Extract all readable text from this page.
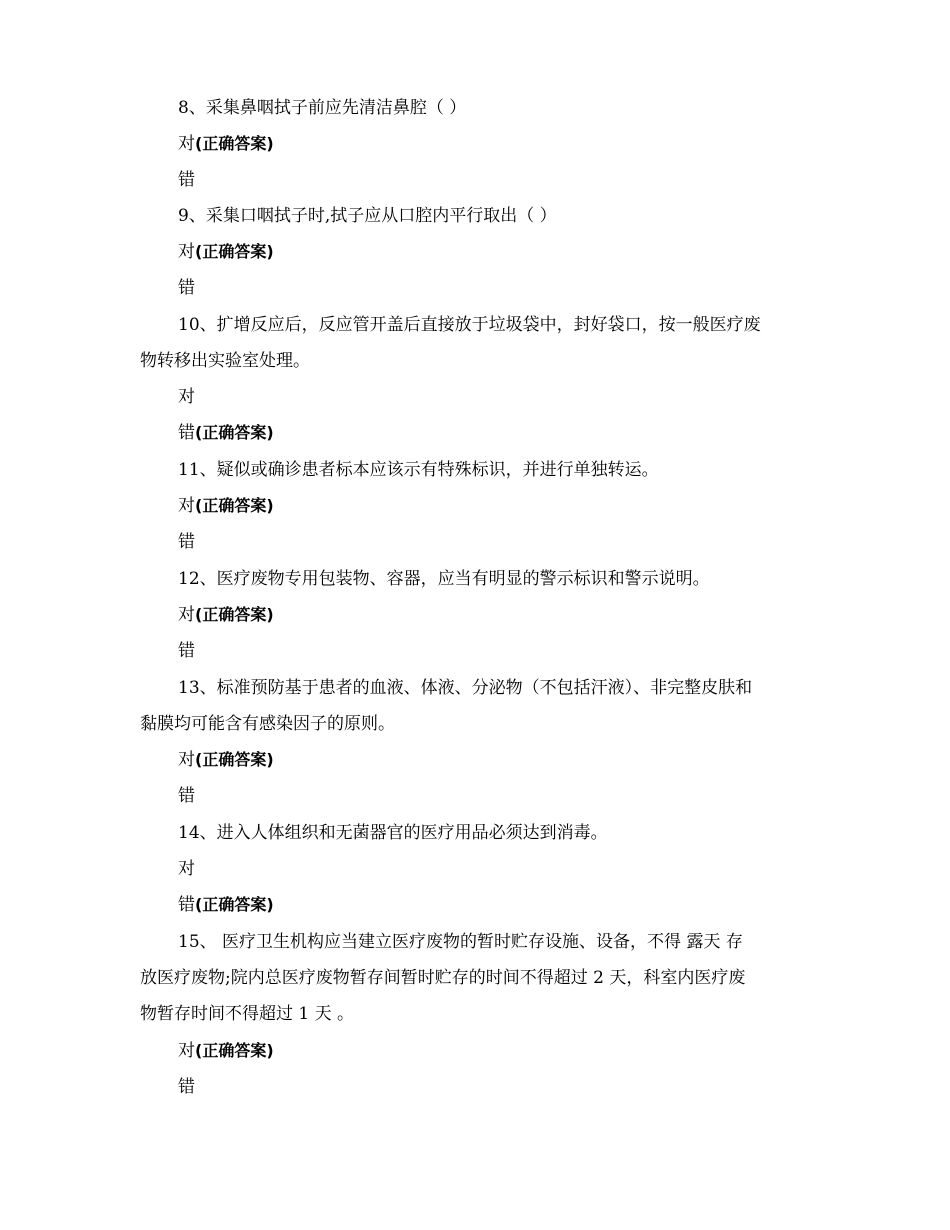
8、采集鼻咽拭子前应先清洁鼻腔（ ）
对(正确答案)
错
9、采集口咽拭子时,拭子应从口腔内平行取出（ ）
对(正确答案)
错
10、扩增反应后，反应管开盖后直接放于垃圾袋中，封好袋口，按一般医疗废
物转移出实验室处理。
对
错(正确答案)
11、疑似或确诊患者标本应该示有特殊标识，并进行单独转运。
对(正确答案)
错
12、医疗废物专用包装物、容器，应当有明显的警示标识和警示说明。
对(正确答案)
错
13、标准预防基于患者的血液、体液、分泌物（不包括汗液）、非完整皮肤和
黏膜均可能含有感染因子的原则。
对(正确答案)
错
14、进入人体组织和无菌器官的医疗用品必须达到消毒。
对
错(正确答案)
15、 医疗卫生机构应当建立医疗废物的暂时贮存设施、设备，不得 露天 存
放医疗废物;院内总医疗废物暂存间暂时贮存的时间不得超过 2 天，科室内医疗废
物暂存时间不得超过 1 天 。
对(正确答案)
错
